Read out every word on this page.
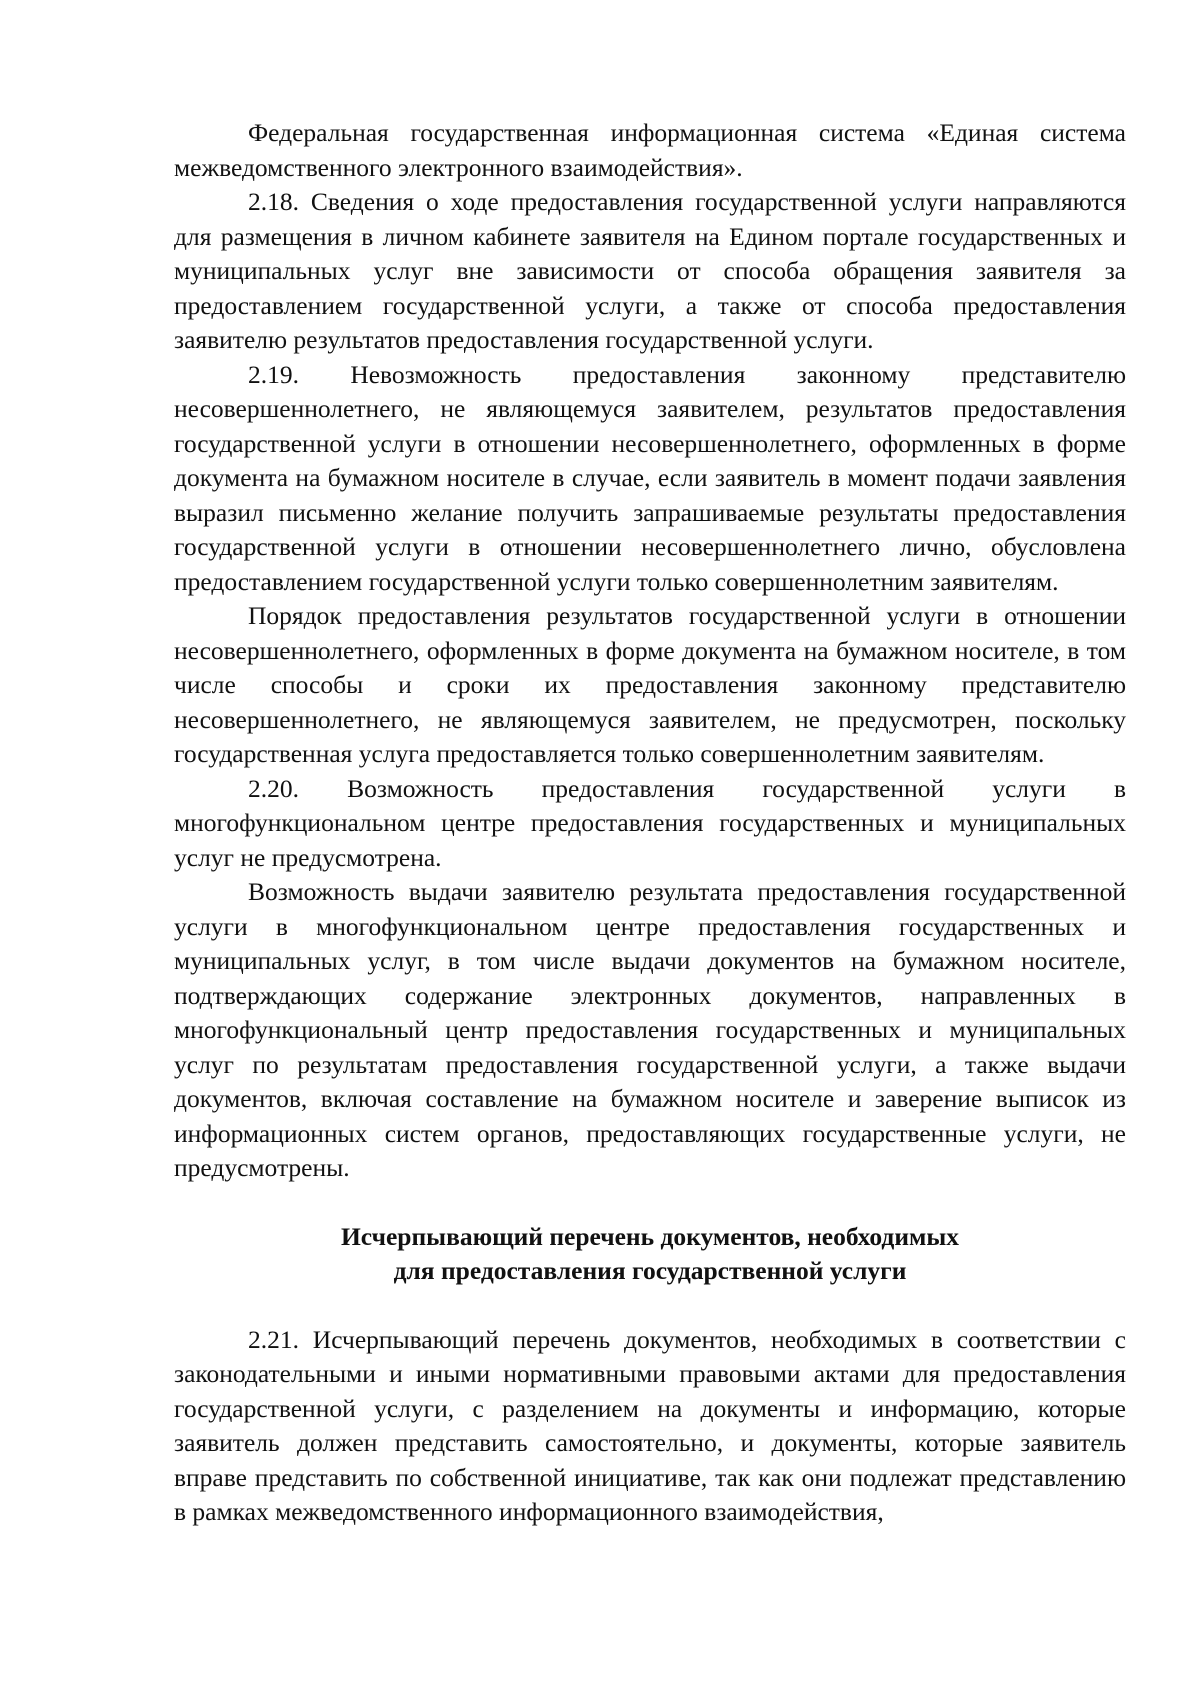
Федеральная государственная информационная система «Единая система межведомственного электронного взаимодействия».

2.18. Сведения о ходе предоставления государственной услуги направляются для размещения в личном кабинете заявителя на Едином портале государственных и муниципальных услуг вне зависимости от способа обращения заявителя за предоставлением государственной услуги, а также от способа предоставления заявителю результатов предоставления государственной услуги.

2.19. Невозможность предоставления законному представителю несовершеннолетнего, не являющемуся заявителем, результатов предоставления государственной услуги в отношении несовершеннолетнего, оформленных в форме документа на бумажном носителе в случае, если заявитель в момент подачи заявления выразил письменно желание получить запрашиваемые результаты предоставления государственной услуги в отношении несовершеннолетнего лично, обусловлена предоставлением государственной услуги только совершеннолетним заявителям.

Порядок предоставления результатов государственной услуги в отношении несовершеннолетнего, оформленных в форме документа на бумажном носителе, в том числе способы и сроки их предоставления законному представителю несовершеннолетнего, не являющемуся заявителем, не предусмотрен, поскольку государственная услуга предоставляется только совершеннолетним заявителям.

2.20. Возможность предоставления государственной услуги в многофункциональном центре предоставления государственных и муниципальных услуг не предусмотрена.

Возможность выдачи заявителю результата предоставления государственной услуги в многофункциональном центре предоставления государственных и муниципальных услуг, в том числе выдачи документов на бумажном носителе, подтверждающих содержание электронных документов, направленных в многофункциональный центр предоставления государственных и муниципальных услуг по результатам предоставления государственной услуги, а также выдачи документов, включая составление на бумажном носителе и заверение выписок из информационных систем органов, предоставляющих государственные услуги, не предусмотрены.

Исчерпывающий перечень документов, необходимых

для предоставления государственной услуги

2.21. Исчерпывающий перечень документов, необходимых в соответствии с законодательными и иными нормативными правовыми актами для предоставления государственной услуги, с разделением на документы и информацию, которые заявитель должен представить самостоятельно, и документы, которые заявитель вправе представить по собственной инициативе, так как они подлежат представлению в рамках межведомственного информационного взаимодействия,
